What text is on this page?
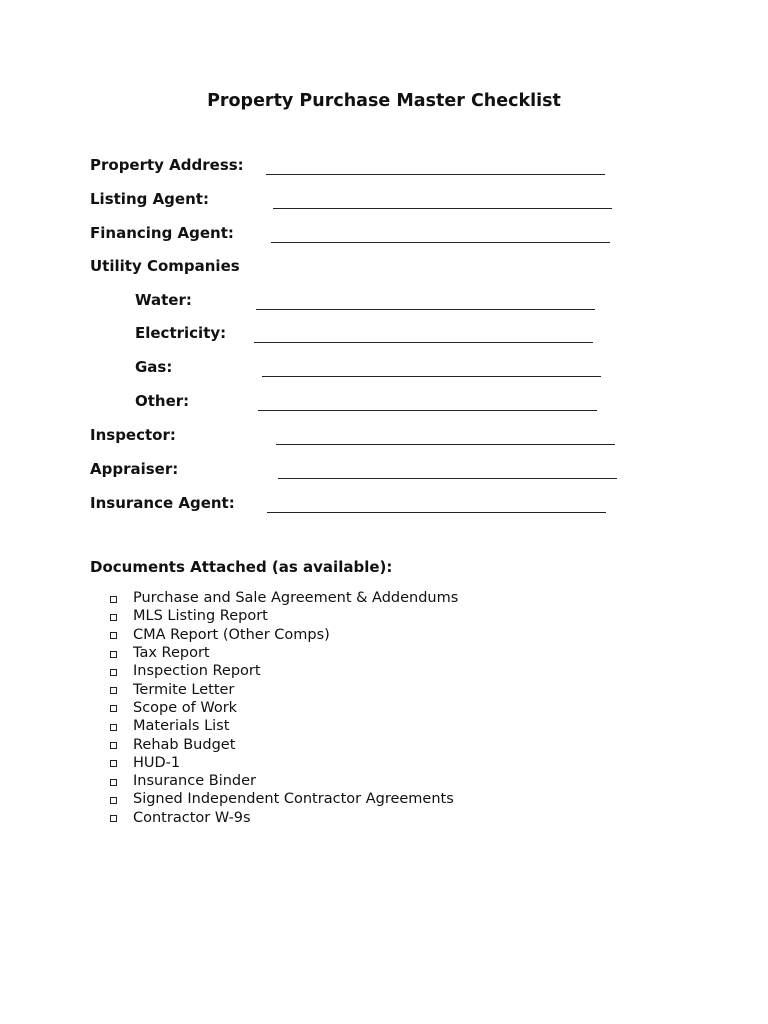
Property Purchase Master Checklist
Property Address:
Listing Agent:
Financing Agent:
Utility Companies
Water:
Electricity:
Gas:
Other:
Inspector:
Appraiser:
Insurance Agent:
Documents Attached (as available):
Purchase and Sale Agreement & Addendums
MLS Listing Report
CMA Report (Other Comps)
Tax Report
Inspection Report
Termite Letter
Scope of Work
Materials List
Rehab Budget
HUD-1
Insurance Binder
Signed Independent Contractor Agreements
Contractor W-9s
